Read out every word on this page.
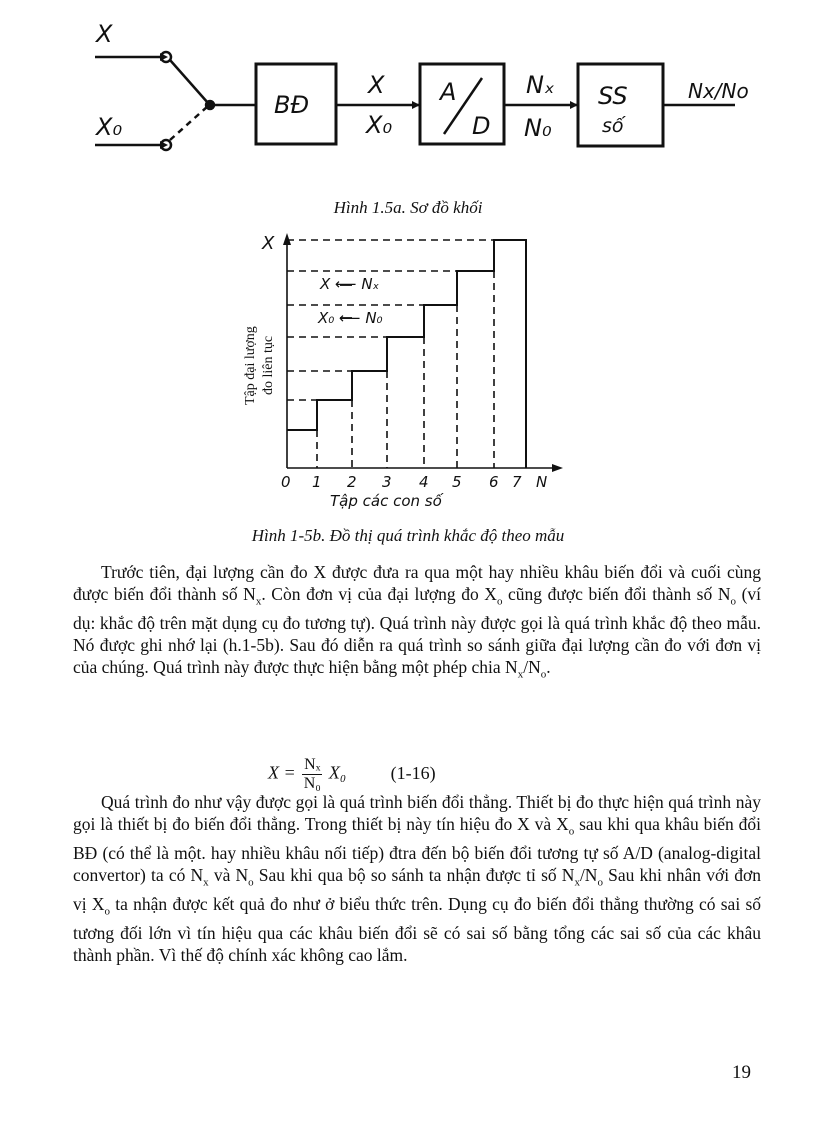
X
X₀
BĐ
X
X₀
A
D
Nₓ
N₀
SS
số
Nx/No
Hình 1.5a. Sơ đồ khối
X
X ⟵ Nₓ
X₀ ⟵ N₀
0 1 2 3 4 5 6 7 N
Tập các con số
Tập đại lượng đo liên tục
Hình 1-5b. Đồ thị quá trình khắc độ theo mẫu

Trước tiên, đại lượng cần đo X được đưa ra qua một hay nhiều khâu biến đổi và cuối cùng được biến đổi thành số $N_x$. Còn đơn vị của đại lượng đo $X_o$ cũng được biến đổi thành số $N_o$ (ví dụ: khắc độ trên mặt dụng cụ đo tương tự). Quá trình này được gọi là quá trình khắc độ theo mẫu. Nó được ghi nhớ lại (h.1-5b). Sau đó diễn ra quá trình so sánh giữa đại lượng cần đo với đơn vị của chúng. Quá trình này được thực hiện bằng một phép chia $N_x/N_o$.

$X = \frac{\text{Nₓ}}{\text{N₀}} X_0$ (1-16)

Quá trình đo như vậy được gọi là quá trình biến đổi thẳng. Thiết bị đo thực hiện quá trình này gọi là thiết bị đo biến đổi thẳng. Trong thiết bị này tín hiệu đo X và $X_o$ sau khi qua khâu biến đổi BĐ (có thể là một. hay nhiều khâu nối tiếp) đtra đến bộ biến đổi tương tự số A/D (analog-digital convertor) ta có $N_x$ và $N_o$ Sau khi qua bộ so sánh ta nhận được tỉ số $N_x/N_o$ Sau khi nhân với đơn vị $X_o$ ta nhận được kết quả đo như ở biểu thức trên. Dụng cụ đo biến đổi thẳng thường có sai số tương đối lớn vì tín hiệu qua các khâu biến đổi sẽ có sai số bằng tổng các sai số của các khâu thành phần. Vì thế độ chính xác không cao lắm.

19
